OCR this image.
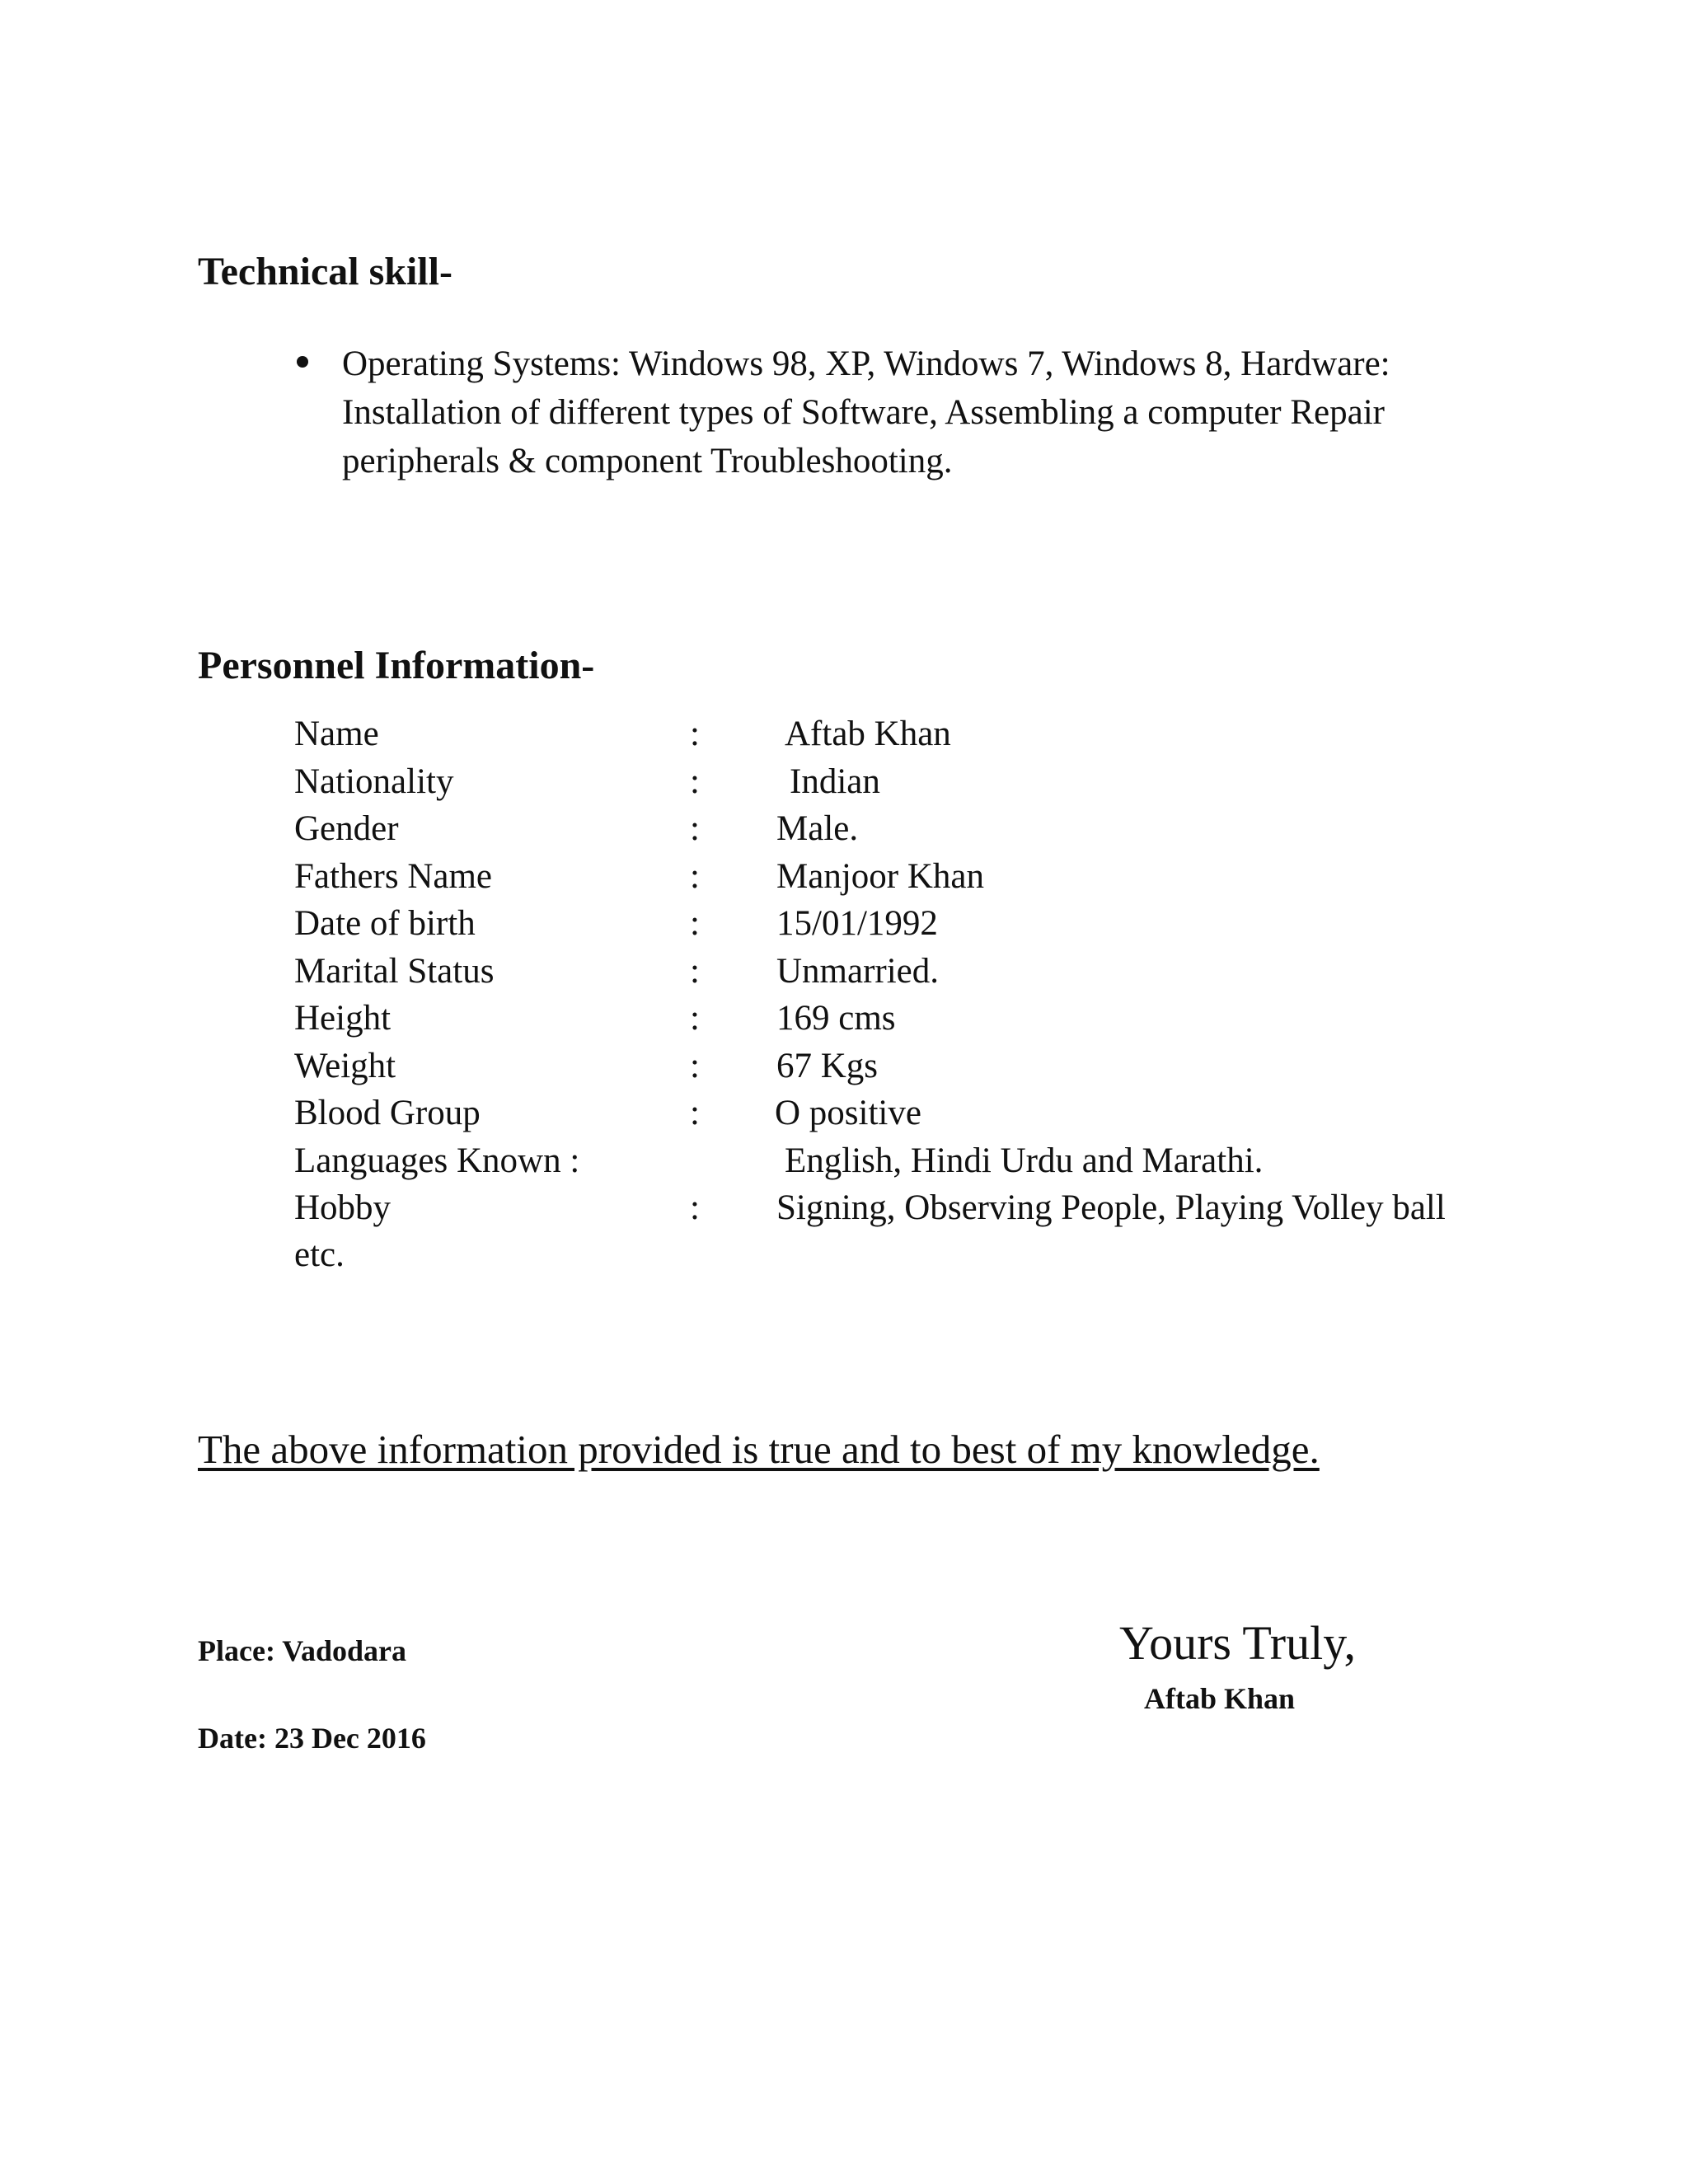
Technical skill-

Operating Systems: Windows 98, XP, Windows 7, Windows 8, Hardware: Installation of different types of Software, Assembling a computer Repair peripherals & component Troubleshooting.

Personnel Information-
Name	: Aftab Khan
Nationality	:	Indian
Gender	: Male.
Fathers Name	: Manjoor Khan
Date of birth	: 15/01/1992
Marital Status	: Unmarried.
Height	: 169 cms
Weight	: 67 Kgs
Blood Group	: O positive
Languages Known :	English, Hindi Urdu and Marathi.
Hobby	: Signing, Observing People, Playing Volley ball
etc.

The above information provided is true and to best of my knowledge.

Place: Vadodara
Date: 23 Dec 2016
Yours Truly,
Aftab Khan
